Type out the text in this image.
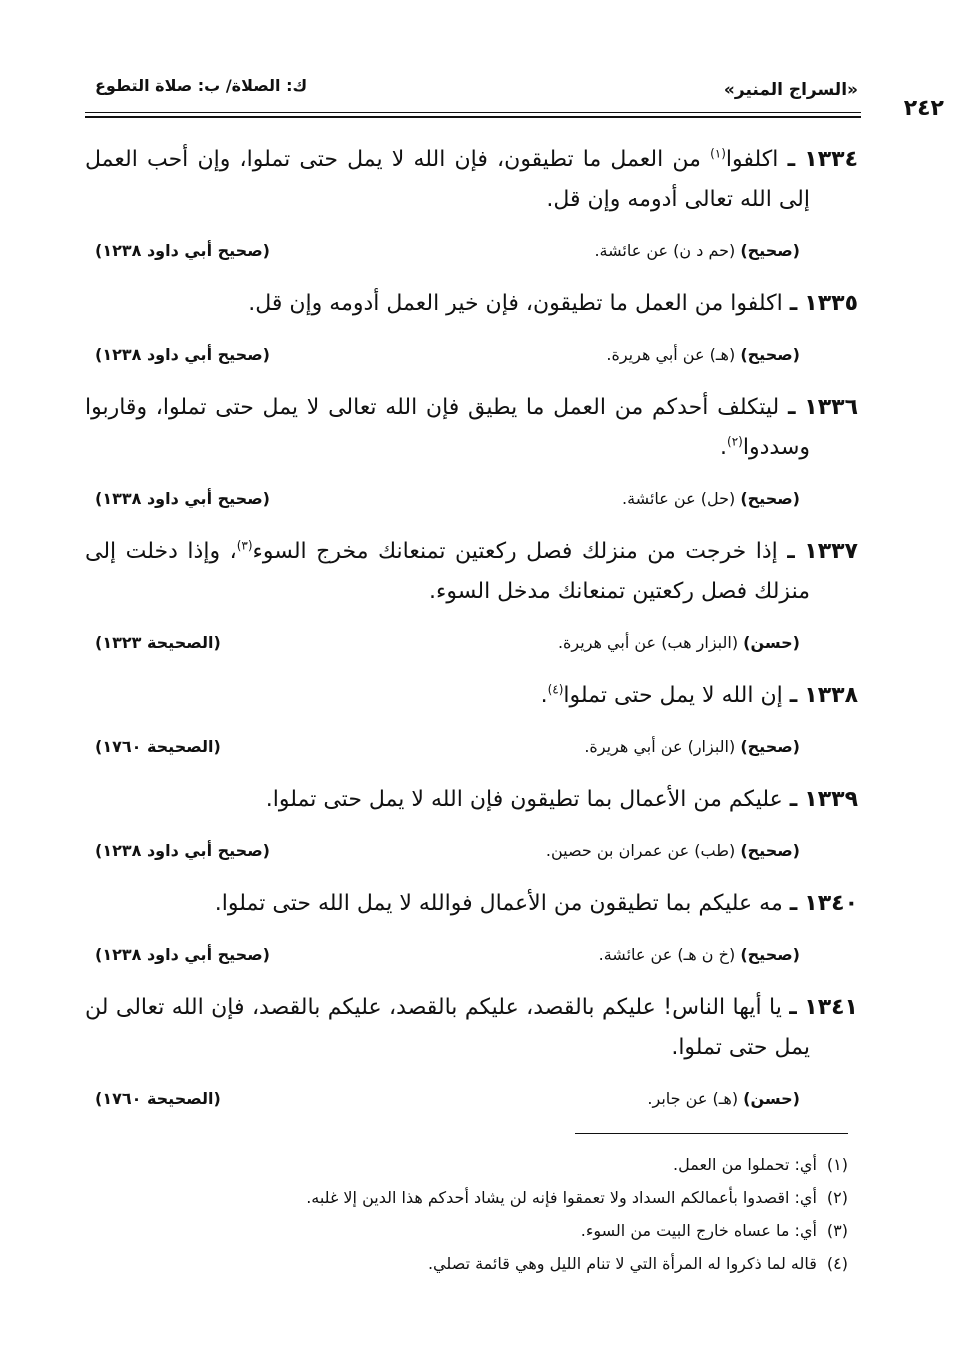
«السراج المنير»
٢٤٢
ك: الصلاة/ ب: صلاة التطوع

١٣٣٤ ـ اكلفوا$^{(١)}$ من العمل ما تطيقون، فإن الله لا يمل حتى تملوا، وإن أحب العمل إلى الله تعالى أدومه وإن قل.

(صحيح) (حم د ن) عن عائشة.
(صحيح أبي داود ١٢٣٨)

١٣٣٥ ـ اكلفوا من العمل ما تطيقون، فإن خير العمل أدومه وإن قل.

(صحيح) (هـ) عن أبي هريرة.
(صحيح أبي داود ١٢٣٨)

١٣٣٦ ـ ليتكلف أحدكم من العمل ما يطيق فإن الله تعالى لا يمل حتى تملوا، وقاربوا وسددوا$^{(٢)}$.

(صحيح) (حل) عن عائشة.
(صحيح أبي داود ١٣٣٨)

١٣٣٧ ـ إذا خرجت من منزلك فصل ركعتين تمنعانك مخرج السوء$^{(٣)}$، وإذا دخلت إلى منزلك فصل ركعتين تمنعانك مدخل السوء.

(حسن) (البزار هب) عن أبي هريرة.
(الصحيحة ١٣٢٣)

١٣٣٨ ـ إن الله لا يمل حتى تملوا$^{(٤)}$.

(صحيح) (البزار) عن أبي هريرة.
(الصحيحة ١٧٦٠)

١٣٣٩ ـ عليكم من الأعمال بما تطيقون فإن الله لا يمل حتى تملوا.

(صحيح) (طب) عن عمران بن حصين.
(صحيح أبي داود ١٢٣٨)

١٣٤٠ ـ مه عليكم بما تطيقون من الأعمال فوالله لا يمل الله حتى تملوا.

(صحيح) (خ ن هـ) عن عائشة.
(صحيح أبي داود ١٢٣٨)

١٣٤١ ـ يا أيها الناس! عليكم بالقصد، عليكم بالقصد، عليكم بالقصد، فإن الله تعالى لن يمل حتى تملوا.

(حسن) (هـ) عن جابر.
(الصحيحة ١٧٦٠)
(١)أي: تحملوا من العمل.
(٢)أي: اقصدوا بأعمالكم السداد ولا تعمقوا فإنه لن يشاد أحدكم هذا الدين إلا غلبه.
(٣)أي: ما عساه خارج البيت من السوء.
(٤)قاله لما ذكروا له المرأة التي لا تنام الليل وهي قائمة تصلي.
